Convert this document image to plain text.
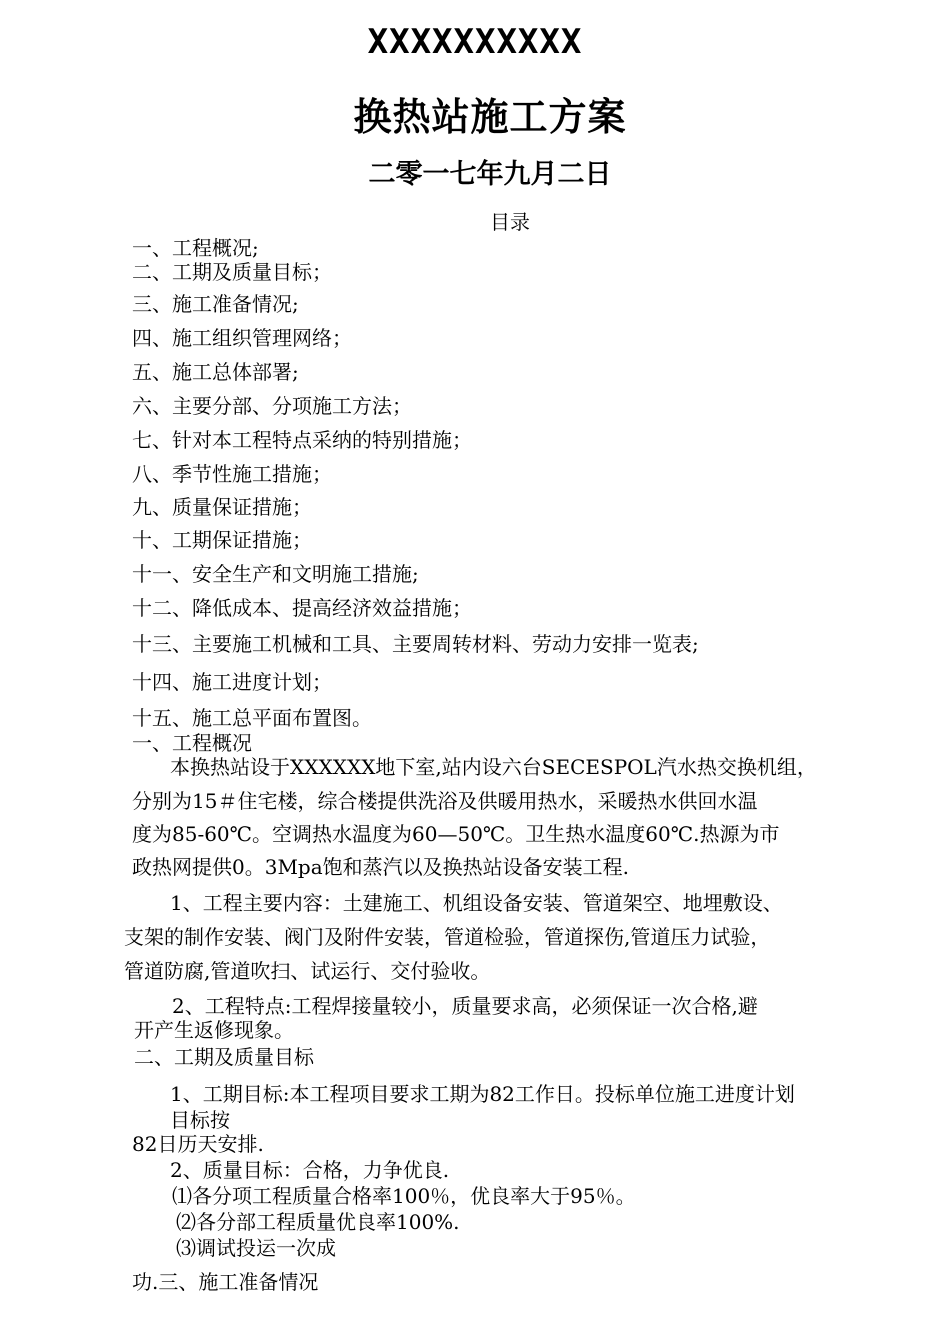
XXXXXXXXXX
换热站施工方案
二零一七年九月二日
目录
一、工程概况;
二、工期及质量目标；
三、施工准备情况;
四、施工组织管理网络；
五、施工总体部署;
六、主要分部、分项施工方法；
七、针对本工程特点采纳的特别措施；
八、季节性施工措施；
九、质量保证措施；
十、工期保证措施；
十一、安全生产和文明施工措施;
十二、降低成本、提高经济效益措施；
十三、主要施工机械和工具、主要周转材料、劳动力安排一览表;
十四、施工进度计划；
十五、施工总平面布置图。
一、工程概况
本换热站设于XXXXXX地下室,站内设六台SECESPOL汽水热交换机组，
分别为15＃住宅楼，综合楼提供洗浴及供暖用热水，采暖热水供回水温
度为85-60℃。空调热水温度为60—50℃。卫生热水温度60℃.热源为市
政热网提供0。3Mpa饱和蒸汽以及换热站设备安装工程.
1、工程主要内容：土建施工、机组设备安装、管道架空、地埋敷设、
支架的制作安装、阀门及附件安装，管道检验，管道探伤,管道压力试验，
管道防腐,管道吹扫、试运行、交付验收。
2、工程特点:工程焊接量较小，质量要求高，必须保证一次合格,避
开产生返修现象。
二、工期及质量目标
1、工期目标:本工程项目要求工期为82工作日。投标单位施工进度计划
目标按
82日历天安排.
2、质量目标：合格，力争优良.
⑴各分项工程质量合格率100％，优良率大于95％。
⑵各分部工程质量优良率100%.
⑶调试投运一次成
功.三、施工准备情况
